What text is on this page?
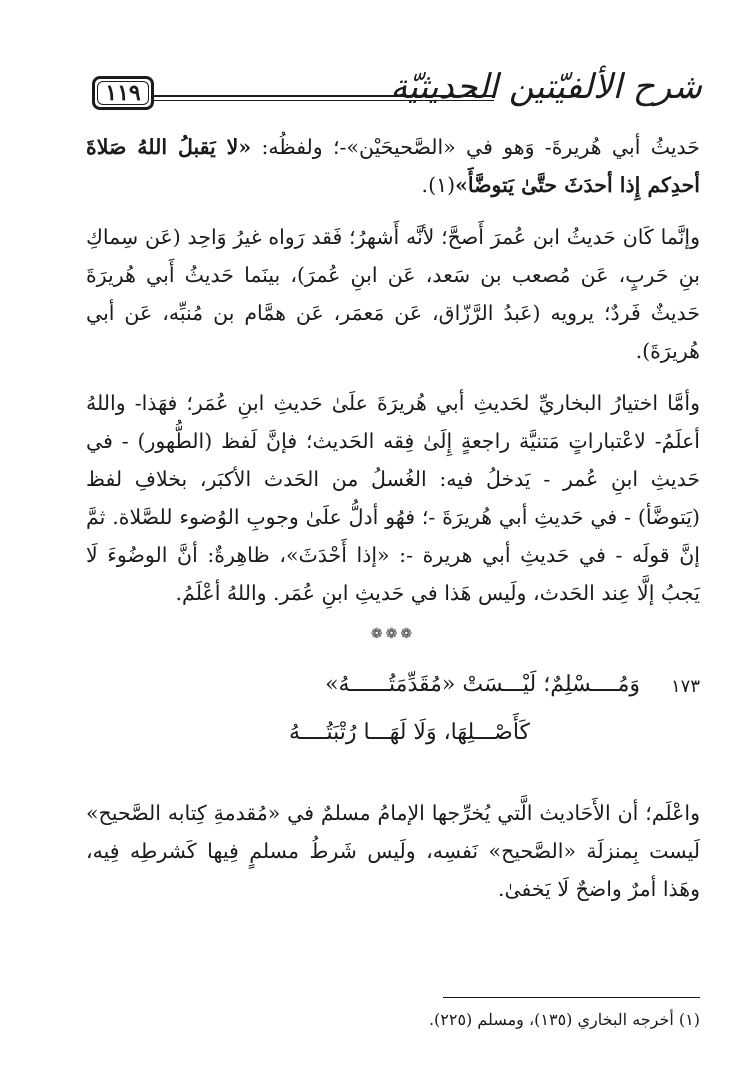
١١٩	شرح الألفيّتين الحديثيّة

حَديثُ أبي هُريرةَ- وَهو في «الصَّحيحَيْن»-؛ ولفظُه: «لا يَقبلُ اللهُ صَلاةَ أحدِكم إِذا أحدَثَ حتَّىٰ يَتوضَّأَ»(١).

وإنَّما كَان حَديثُ ابن عُمرَ أَصحَّ؛ لأنَّه أَشهرُ؛ فَقد رَواه غيرُ وَاحِد (عَن سِماكِ بنِ حَربٍ، عَن مُصعب بن سَعد، عَن ابنِ عُمرَ)، بينَما حَديثُ أَبي هُريرَةَ حَديثٌ فَردٌ؛ يرويه (عَبدُ الرَّزّاق، عَن مَعمَر، عَن همَّام بن مُنبِّه، عَن أبي هُريرَةَ).

وأمَّا اختيارُ البخاريِّ لحَديثِ أبي هُريرَةَ علَىٰ حَديثِ ابنِ عُمَر؛ فهَذا- واللهُ أعلَمُ- لاعْتباراتٍ مَتنيَّة راجعةٍ إِلَىٰ فِقه الحَديث؛ فإنَّ لَفظ (الطُّهور) - في حَديثِ ابنِ عُمر - يَدخلُ فيه: الغُسلُ من الحَدث الأكبَر، بخلافِ لفظ (يَتوضَّأ) - في حَديثِ أبي هُريرَةَ -؛ فهُو أدلُّ علَىٰ وجوبِ الوُضوء للصَّلاة. ثمَّ إنَّ قولَه - في حَديثِ أبي هريرة -: «إذا أَحْدَثَ»، ظاهِرةٌ: أنَّ الوضُوءَ لَا يَجبُ إلَّا عِند الحَدث، ولَيس هَذا في حَديثِ ابنِ عُمَر. واللهُ أعْلَمُ.

❁❁❁
١٧٣
وَمُــــسْلِمٌ؛ لَيْـــسَتْ «مُقَدِّمَتُــــــهُ»
كَأَصْـــلِهَا، وَلَا لَهَـــا رُتْبَتُــــهُ

واعْلَم؛ أن الأَحَاديث الَّتي يُخرِّجها الإمامُ مسلمٌ في «مُقدمةِ كِتابه الصَّحيح» لَيست بِمنزلَة «الصَّحيح» نَفسِه، ولَيس شَرطُ مسلمٍ فِيها كَشرطِه فِيه، وهَذا أمرٌ واضحٌ لَا يَخفىٰ.

(١) أخرجه البخاري (١٣٥)، ومسلم (٢٢٥).
